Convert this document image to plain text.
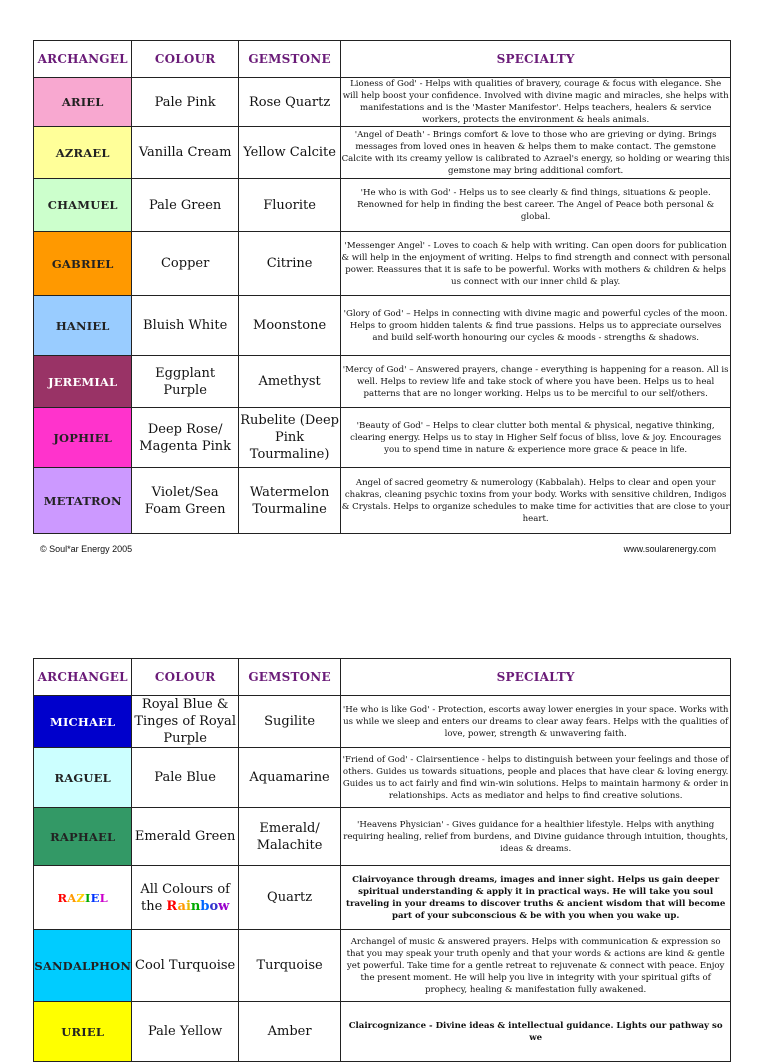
ARCHANGEL	COLOUR	GEMSTONE	SPECIALTY
ARIEL	Pale Pink	Rose Quartz	Lioness of God' - Helps with qualities of bravery, courage & focus with elegance. She will help boost your confidence. Involved with divine magic and miracles, she helps with manifestations and is the 'Master Manifestor'. Helps teachers, healers & service workers, protects the environment & heals animals.
AZRAEL	Vanilla Cream	Yellow Calcite	'Angel of Death' - Brings comfort & love to those who are grieving or dying. Brings messages from loved ones in heaven & helps them to make contact. The gemstone Calcite with its creamy yellow is calibrated to Azrael's energy, so holding or wearing this gemstone may bring additional comfort.
CHAMUEL	Pale Green	Fluorite	'He who is with God' - Helps us to see clearly & find things, situations & people. Renowned for help in finding the best career. The Angel of Peace both personal & global.
GABRIEL	Copper	Citrine	'Messenger Angel' - Loves to coach & help with writing. Can open doors for publication & will help in the enjoyment of writing. Helps to find strength and connect with personal power. Reassures that it is safe to be powerful. Works with mothers & children & helps us connect with our inner child & play.
HANIEL	Bluish White	Moonstone	'Glory of God' – Helps in connecting with divine magic and powerful cycles of the moon. Helps to groom hidden talents & find true passions. Helps us to appreciate ourselves and build self-worth honouring our cycles & moods - strengths & shadows.
JEREMIAL	Eggplant Purple	Amethyst	'Mercy of God' – Answered prayers, change - everything is happening for a reason. All is well. Helps to review life and take stock of where you have been. Helps us to heal patterns that are no longer working. Helps us to be merciful to our self/others.
JOPHIEL	Deep Rose/ Magenta Pink	Rubelite (Deep Pink Tourmaline)	'Beauty of God' – Helps to clear clutter both mental & physical, negative thinking, clearing energy. Helps us to stay in Higher Self focus of bliss, love & joy. Encourages you to spend time in nature & experience more grace & peace in life.
METATRON	Violet/Sea Foam Green	Watermelon Tourmaline	Angel of sacred geometry & numerology (Kabbalah). Helps to clear and open your chakras, cleaning psychic toxins from your body. Works with sensitive children, Indigos & Crystals. Helps to organize schedules to make time for activities that are close to your heart.
© Soul*ar Energy 2005	www.soularenergy.com
ARCHANGEL	COLOUR	GEMSTONE	SPECIALTY
MICHAEL	Royal Blue & Tinges of Royal Purple	Sugilite	'He who is like God' - Protection, escorts away lower energies in your space. Works with us while we sleep and enters our dreams to clear away fears. Helps with the qualities of love, power, strength & unwavering faith.
RAGUEL	Pale Blue	Aquamarine	'Friend of God' - Clairsentience - helps to distinguish between your feelings and those of others. Guides us towards situations, people and places that have clear & loving energy. Guides us to act fairly and find win-win solutions. Helps to maintain harmony & order in relationships. Acts as mediator and helps to find creative solutions.
RAPHAEL	Emerald Green	Emerald/ Malachite	'Heavens Physician' - Gives guidance for a healthier lifestyle. Helps with anything requiring healing, relief from burdens, and Divine guidance through intuition, thoughts, ideas & dreams.
RAZIEL	All Colours of the Rainbow	Quartz	Clairvoyance through dreams, images and inner sight. Helps us gain deeper spiritual understanding & apply it in practical ways. He will take you soul traveling in your dreams to discover truths & ancient wisdom that will become part of your subconscious & be with you when you wake up.
SANDALPHON	Cool Turquoise	Turquoise	Archangel of music & answered prayers. Helps with communication & expression so that you may speak your truth openly and that your words & actions are kind & gentle yet powerful. Take time for a gentle retreat to rejuvenate & connect with peace. Enjoy the present moment. He will help you live in integrity with your spiritual gifts of prophecy, healing & manifestation fully awakened.
URIEL	Pale Yellow	Amber	Claircognizance - Divine ideas & intellectual guidance. Lights our pathway so we
